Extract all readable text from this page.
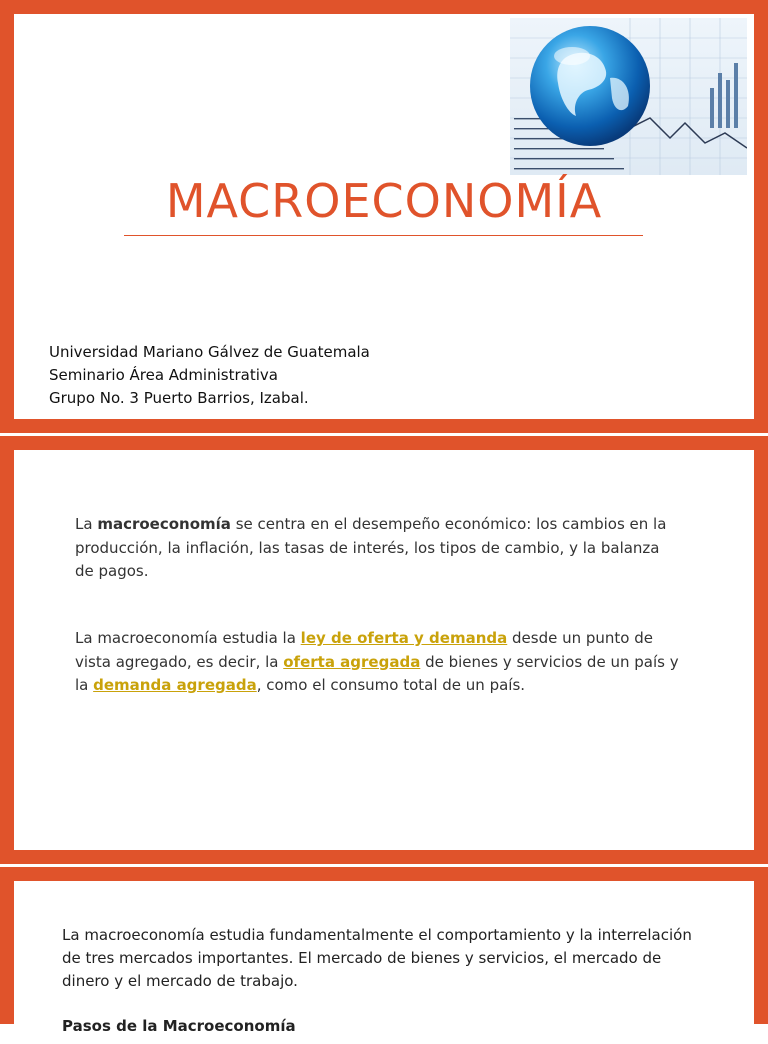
MACROECONOMÍA
Universidad Mariano Gálvez de Guatemala
Seminario Área Administrativa
Grupo No. 3 Puerto Barrios, Izabal.

La macroeconomía se centra en el desempeño económico: los cambios en la producción, la inflación, las tasas de interés, los tipos de cambio, y la balanza de pagos.

La macroeconomía estudia la ley de oferta y demanda desde un punto de vista agregado, es decir, la oferta agregada de bienes y servicios de un país y la demanda agregada, como el consumo total de un país.

La macroeconomía estudia fundamentalmente el comportamiento y la interrelación de tres mercados importantes. El mercado de bienes y servicios, el mercado de dinero y el mercado de trabajo.

Pasos de la Macroeconomía
